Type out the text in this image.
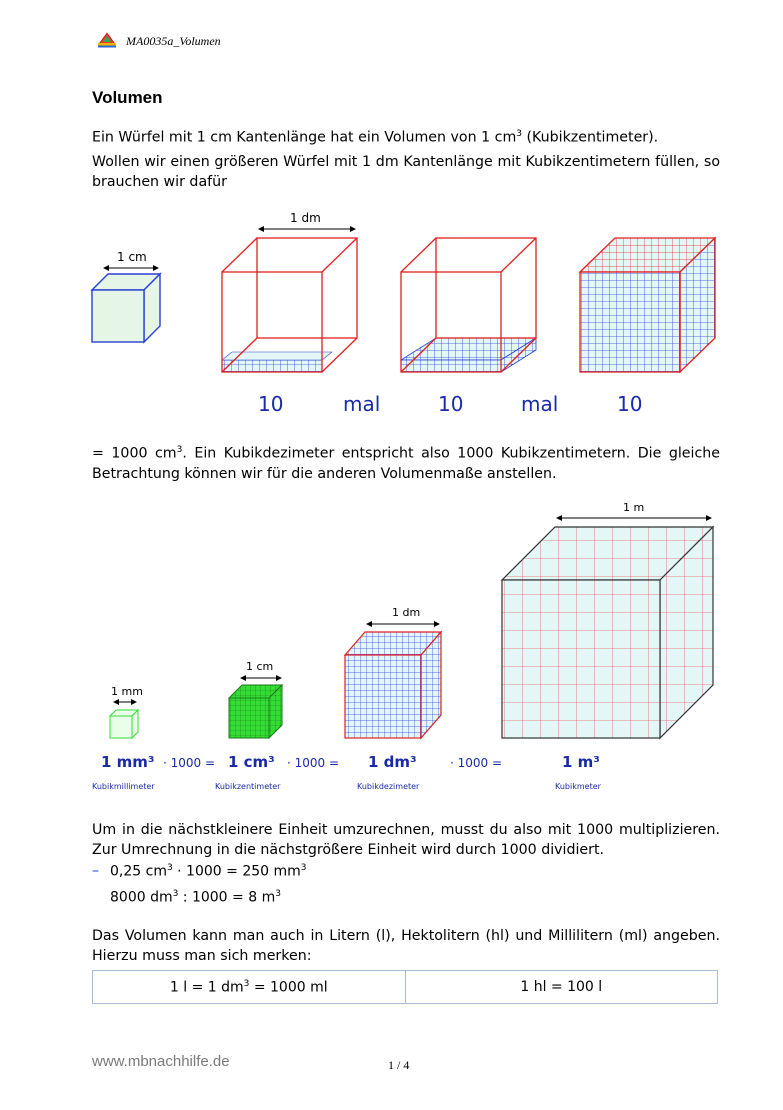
MA0035a_Volumen
Volumen
Ein Würfel mit 1 cm Kantenlänge hat ein Volumen von 1 $cm^3$ (Kubikzentimeter).
Wollen wir einen größeren Würfel mit 1 dm Kantenlänge mit Kubikzentimetern füllen, so brauchen wir dafür
1 cm
1 dm
10	mal	10	mal	10
= 1000 $cm^3$. Ein Kubikdezimeter entspricht also 1000 Kubikzentimetern. Die gleiche Betrachtung können wir für die anderen Volumenmaße anstellen.
1 mm
1 cm
1 dm
1 m
1 mm³ · 1000 = 1 cm³ · 1000 = 1 dm³	· 1000 =	1 m³
Kubikmillimeter	Kubikzentimeter	Kubikdezimeter	Kubikmeter
Um in die nächstkleinere Einheit umzurechnen, musst du also mit 1000 multiplizieren. Zur Umrechnung in die nächstgrößere Einheit wird durch 1000 dividiert.
– 0,25 $cm^3 \cdot 1000 = 250$ $mm^3$
8000 $dm^3$ : 1000 = 8 $m^3$
Das Volumen kann man auch in Litern (l), Hektolitern (hl) und Millilitern (ml) angeben. Hierzu muss man sich merken:
1 l = 1 $dm^3 = 1000$ ml	1 hl = 100 l
www.mbnachhilfe.de	1 / 4
